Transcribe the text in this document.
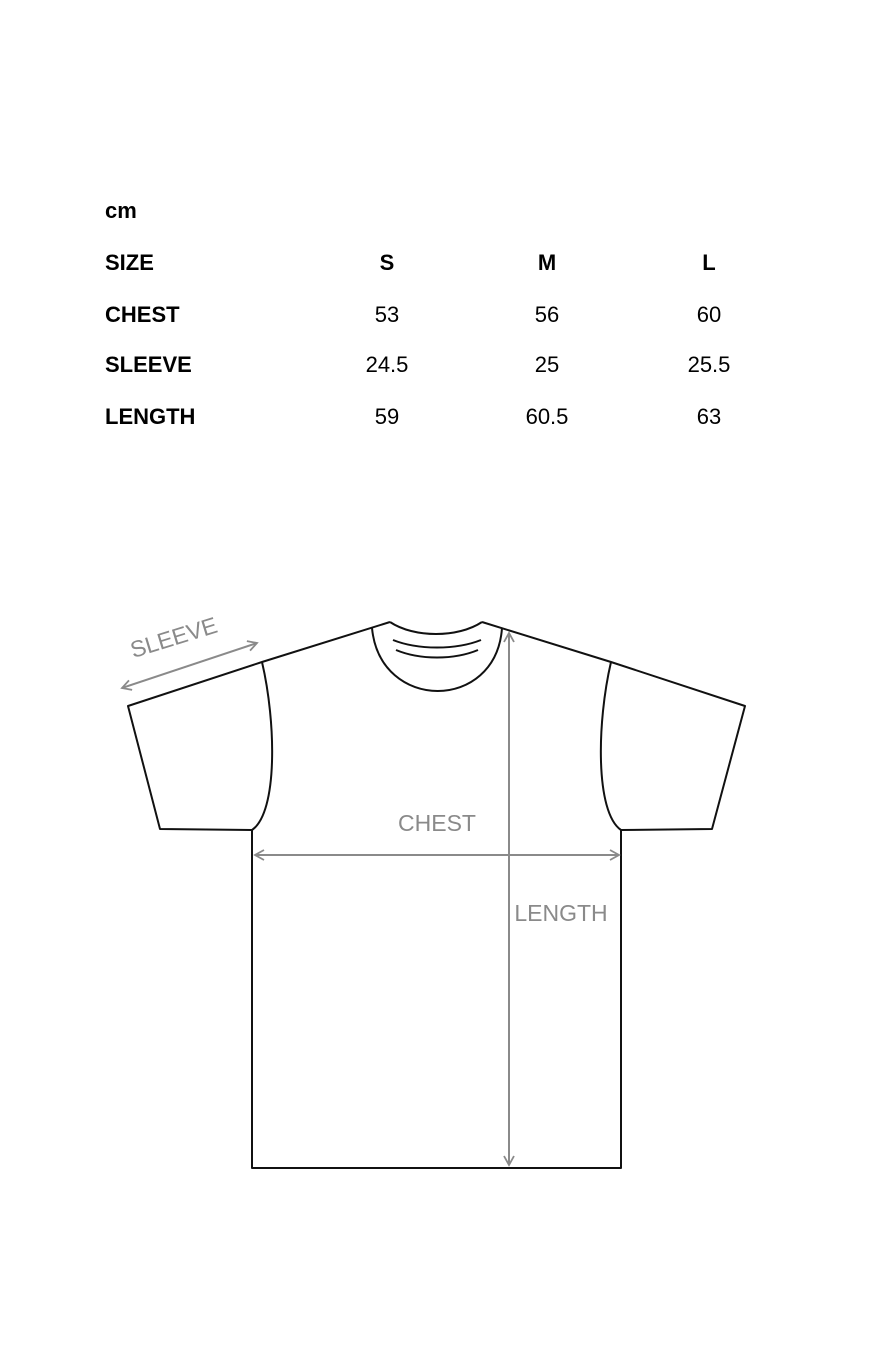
cm
SIZE	S	M	L
CHEST	53	56	60
SLEEVE	24.5	25	25.5
LENGTH	59	60.5	63
SLEEVE
CHEST
LENGTH
